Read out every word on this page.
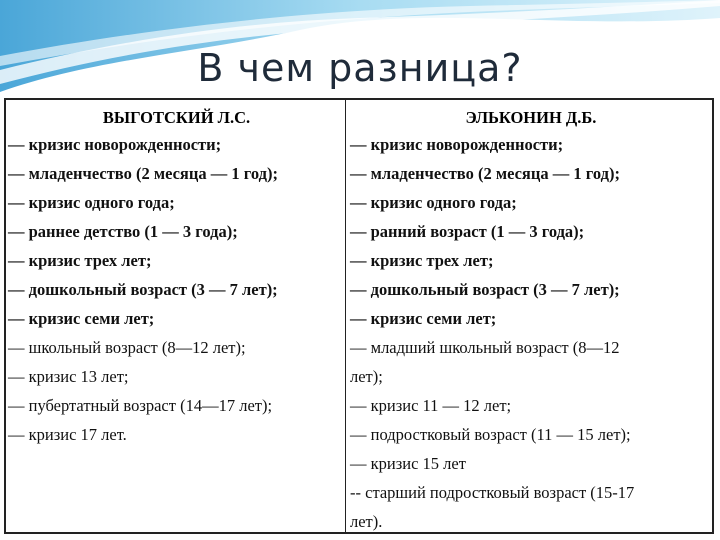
В чем разница?
ВЫГОТСКИЙ Л.С.
— кризис новорожденности;
— младенчество (2 месяца — 1 год);
— кризис одного года;
— раннее детство (1 — 3 года);
— кризис трех лет;
— дошкольный возраст (3 — 7 лет);
— кризис семи лет;
— школьный возраст (8—12 лет);
— кризис 13 лет;
— пубертатный возраст (14—17 лет);
— кризис 17 лет.
ЭЛЬКОНИН Д.Б.
— кризис новорожденности;
— младенчество (2 месяца — 1 год);
— кризис одного года;
— ранний возраст (1 — 3 года);
— кризис трех лет;
— дошкольный возраст (3 — 7 лет);
— кризис семи лет;
— младший школьный возраст (8—12
лет);
— кризис 11 — 12 лет;
— подростковый возраст (11 — 15 лет);
— кризис 15 лет
-- старший подростковый возраст (15-17
лет).
